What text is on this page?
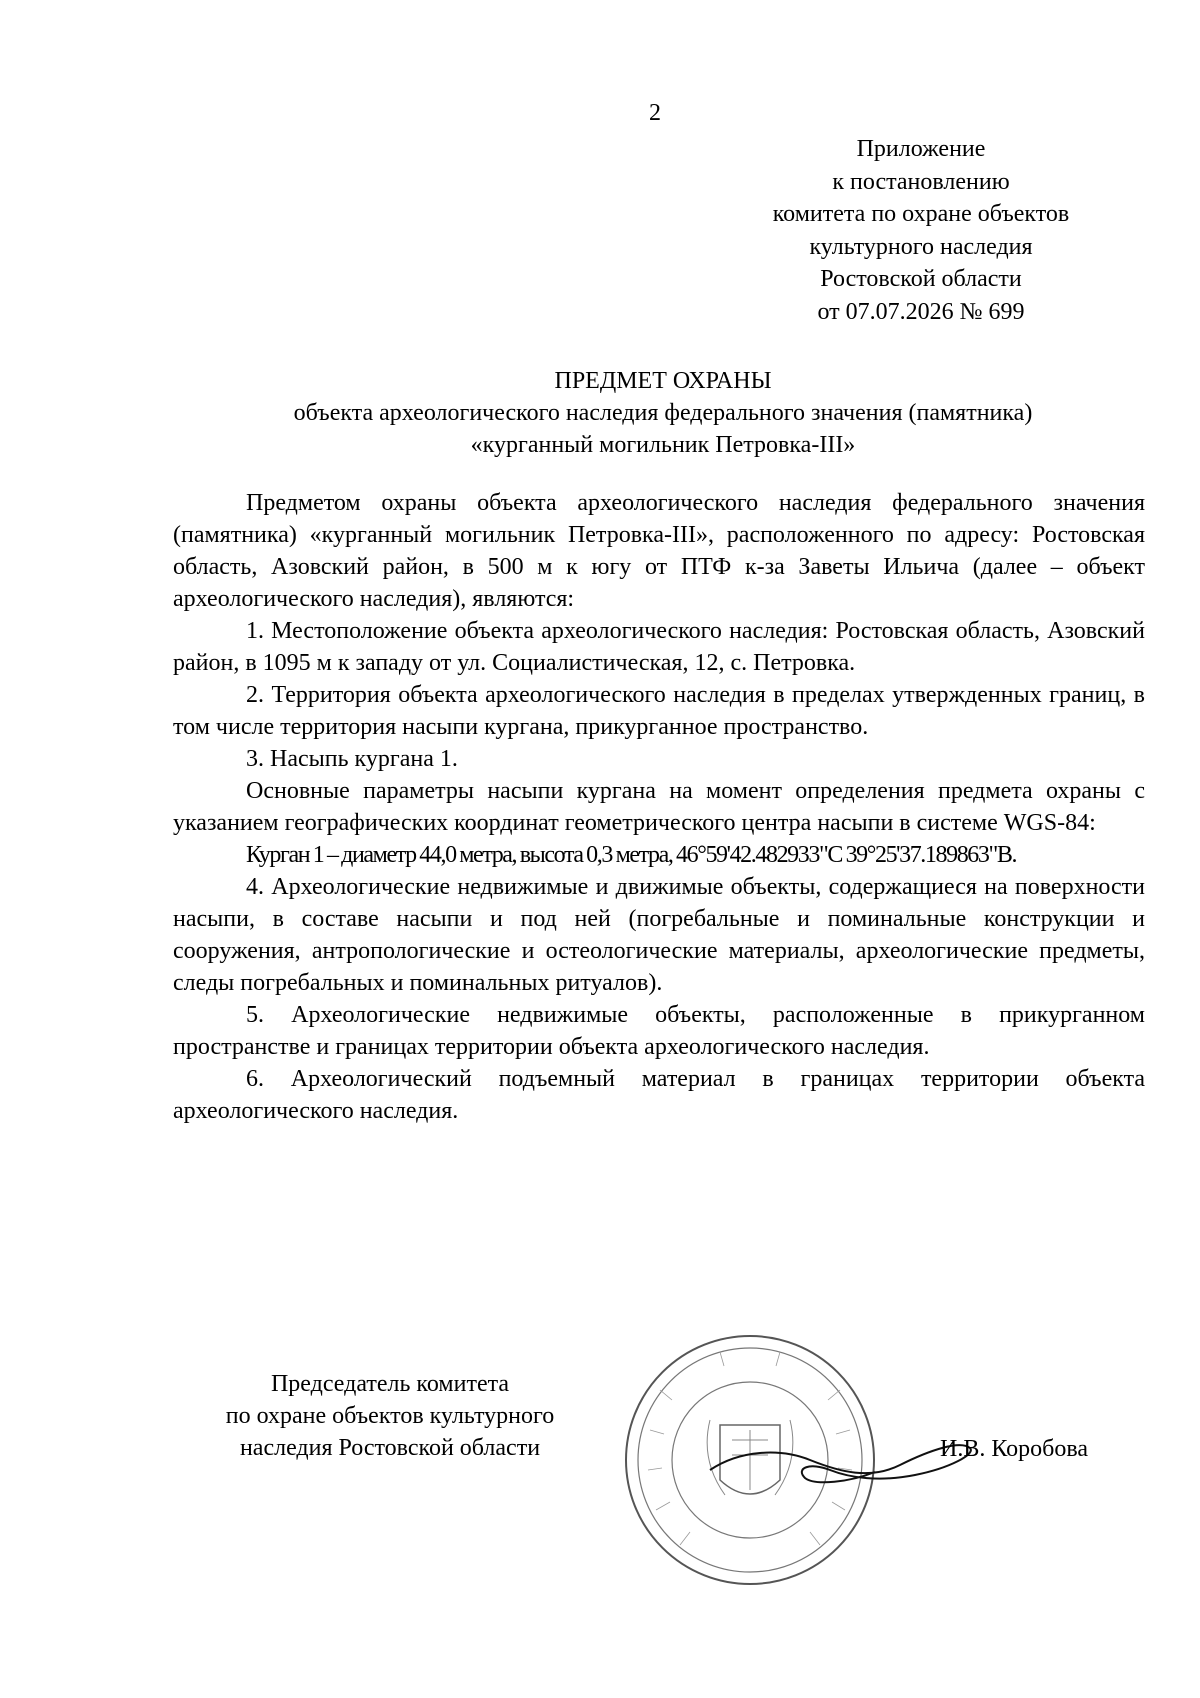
2
Приложение
к постановлению
комитета по охране объектов
культурного наследия
Ростовской области
от 07.07.2026 № 699
ПРЕДМЕТ ОХРАНЫ
объекта археологического наследия федерального значения (памятника)
«курганный могильник Петровка-III»

Предметом охраны объекта археологического наследия федерального значения (памятника) «курганный могильник Петровка-III», расположенного по адресу: Ростовская область, Азовский район, в 500 м к югу от ПТФ к-за Заветы Ильича (далее – объект археологического наследия), являются:

1. Местоположение объекта археологического наследия: Ростовская область, Азовский район, в 1095 м к западу от ул. Социалистическая, 12, с. Петровка.

2. Территория объекта археологического наследия в пределах утвержденных границ, в том числе территория насыпи кургана, прикурганное пространство.

3. Насыпь кургана 1.

Основные параметры насыпи кургана на момент определения предмета охраны с указанием географических координат геометрического центра насыпи в системе WGS-84:

Курган 1 – диаметр 44,0 метра, высота 0,3 метра, 46°59'42.482933"С 39°25'37.189863"В.

4. Археологические недвижимые и движимые объекты, содержащиеся на поверхности насыпи, в составе насыпи и под ней (погребальные и поминальные конструкции и сооружения, антропологические и остеологические материалы, археологические предметы, следы погребальных и поминальных ритуалов).

5. Археологические недвижимые объекты, расположенные в прикурганном пространстве и границах территории объекта археологического наследия.

6. Археологический подъемный материал в границах территории объекта археологического наследия.

Председатель комитета
по охране объектов культурного
наследия Ростовской области	И.В. Коробова
